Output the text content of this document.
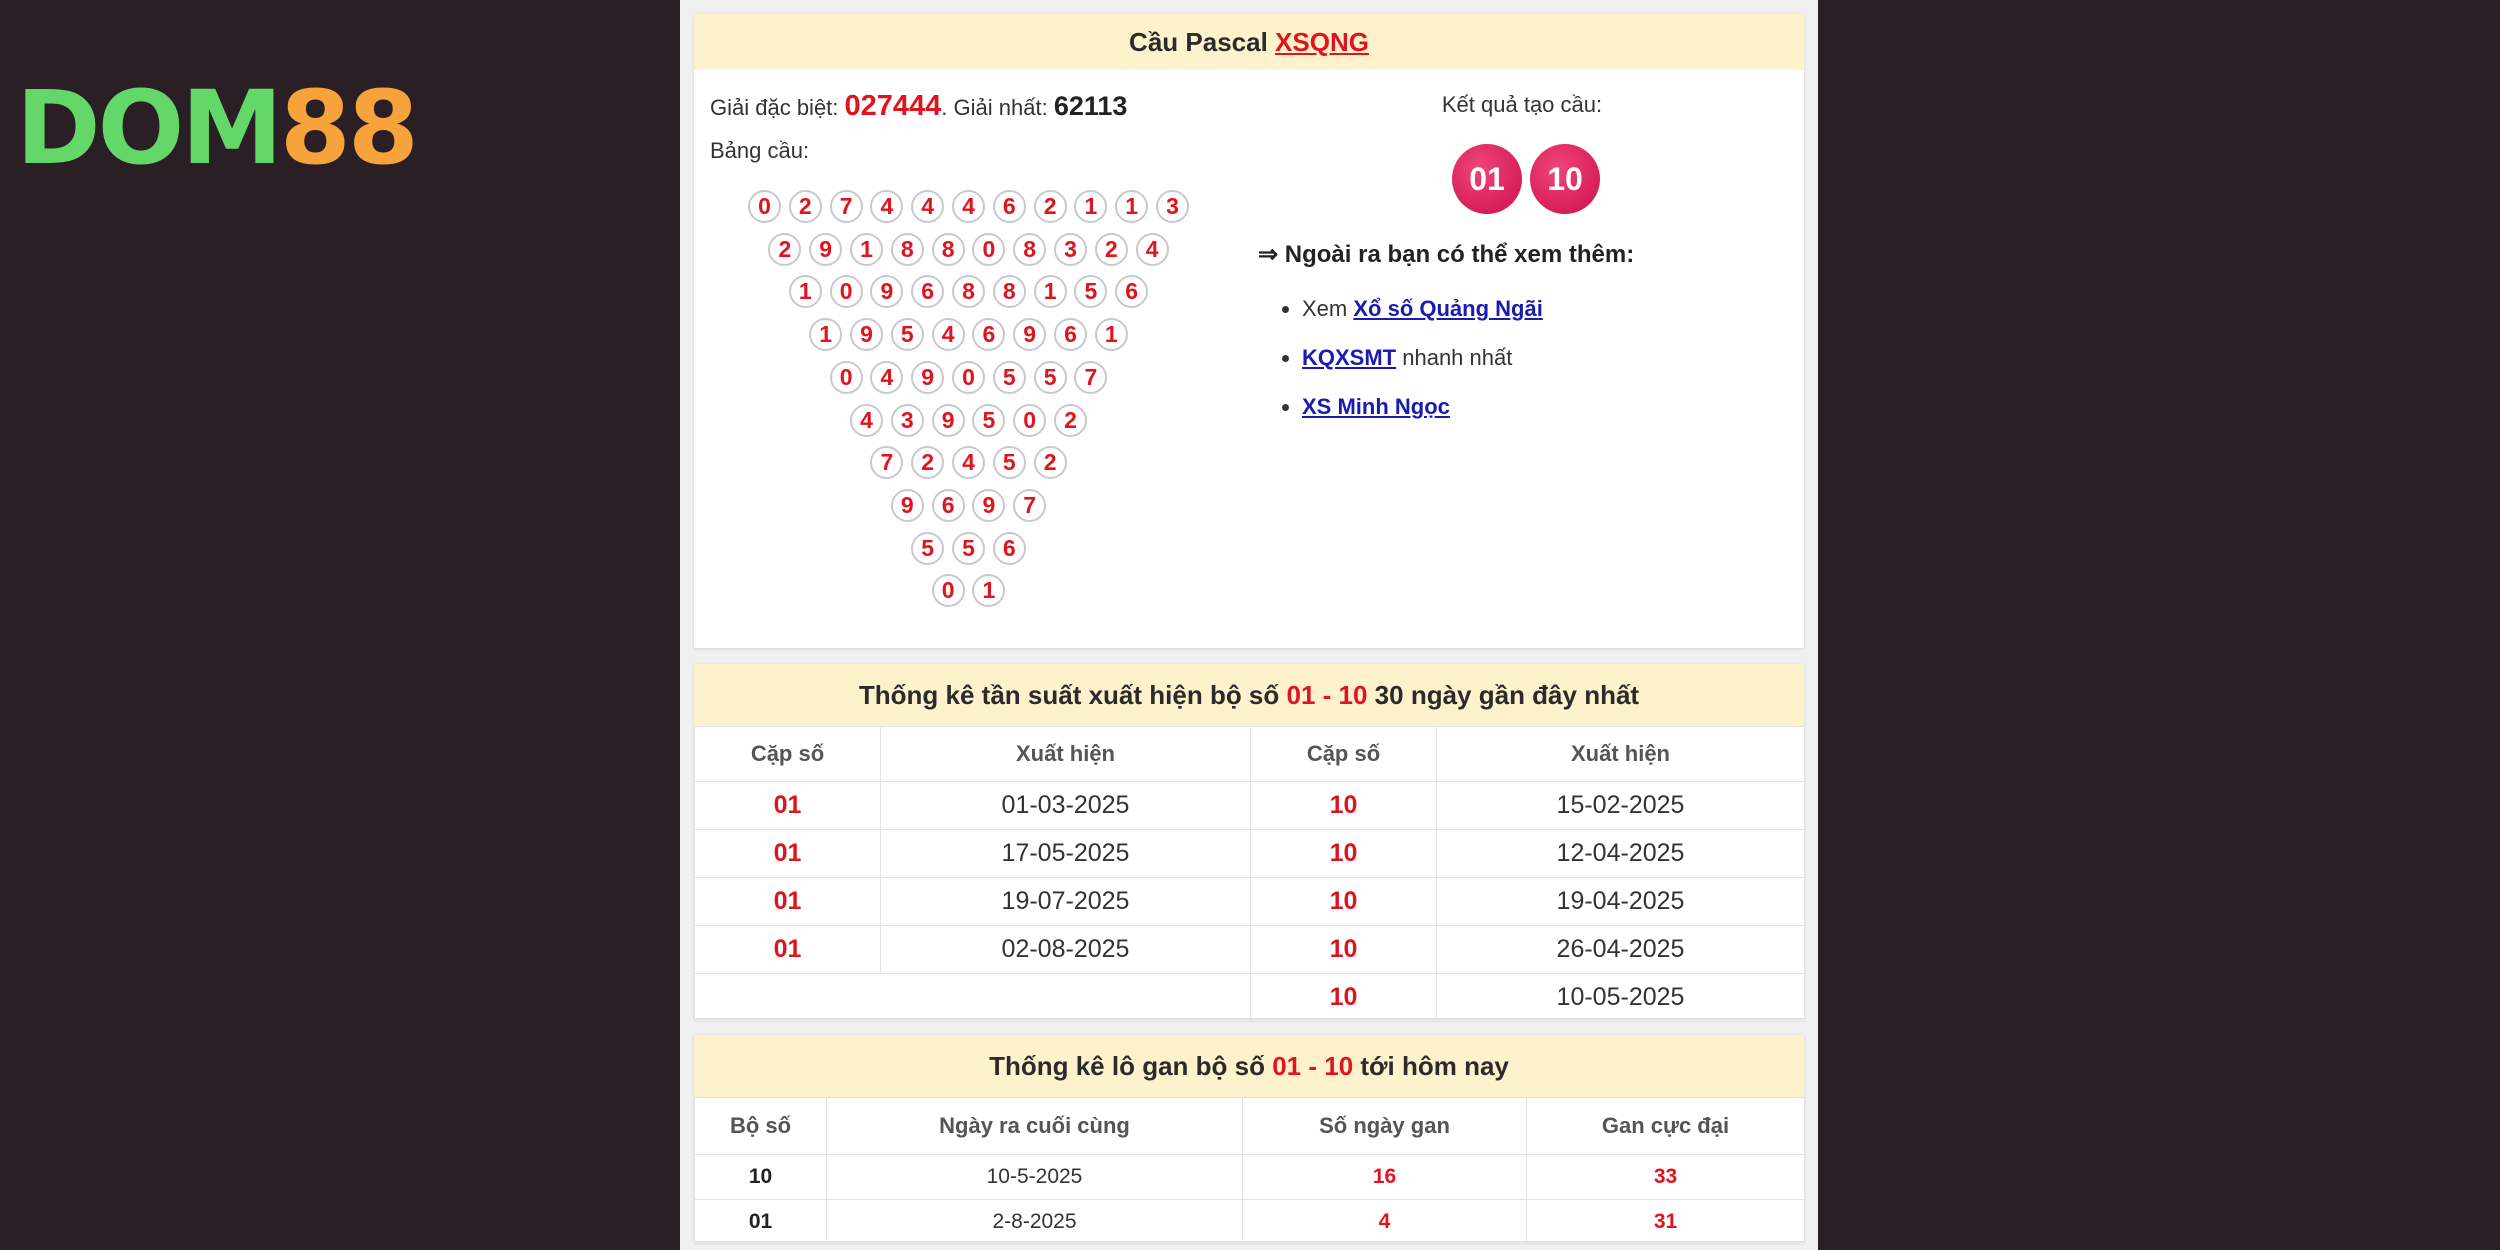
DOM88
Cầu Pascal XSQNG
Giải đặc biệt: 027444. Giải nhất: 62113
Bảng cầu:
0	2	7	4	4	4	6	2	1	1	3
2	9	1	8	8	0	8	3	2	4
1	0	9	6	8	8	1	5	6
1	9	5	4	6	9	6	1
0	4	9	0	5	5	7
4	3	9	5	0	2
7	2	4	5	2
9	6	9	7
5	5	6
0	1
Kết quả tạo cầu:
01	10
⇒ Ngoài ra bạn có thể xem thêm:
• Xem Xổ số Quảng Ngãi
• KQXSMT nhanh nhất
• XS Minh Ngọc
Thống kê tần suất xuất hiện bộ số 01 - 10 30 ngày gần đây nhất
Cặp số	Xuất hiện	Cặp số	Xuất hiện
01	01-03-2025	10	15-02-2025
01	17-05-2025	10	12-04-2025
01	19-07-2025	10	19-04-2025
01	02-08-2025	10	26-04-2025
		10	10-05-2025
Thống kê lô gan bộ số 01 - 10 tới hôm nay
Bộ số	Ngày ra cuối cùng	Số ngày gan	Gan cực đại
10	10-5-2025	16	33
01	2-8-2025	4	31
